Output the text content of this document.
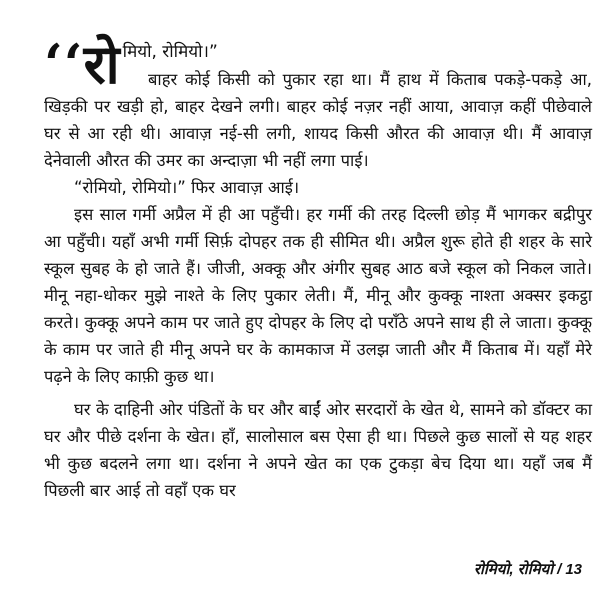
‘‘रो मियो, रोमियो।”

बाहर कोई किसी को पुकार रहा था। मैं हाथ में किताब पकड़े-पकड़े आ, खिड़की पर खड़ी हो, बाहर देखने लगी। बाहर कोई नज़र नहीं आया, आवाज़ कहीं पीछेवाले घर से आ रही थी। आवाज़ नई-सी लगी, शायद किसी औरत की आवाज़ थी। मैं आवाज़ देनेवाली औरत की उमर का अन्दाज़ा भी नहीं लगा पाई।

“रोमियो, रोमियो।” फिर आवाज़ आई।

इस साल गर्मी अप्रैल में ही आ पहुँची। हर गर्मी की तरह दिल्ली छोड़ मैं भागकर बद्रीपुर आ पहुँची। यहाँ अभी गर्मी सिर्फ़ दोपहर तक ही सीमित थी। अप्रैल शुरू होते ही शहर के सारे स्कूल सुबह के हो जाते हैं। जीजी, अक्कू और अंगीर सुबह आठ बजे स्कूल को निकल जाते। मीनू नहा-धोकर मुझे नाश्ते के लिए पुकार लेती। मैं, मीनू और कुक्कू नाश्ता अक्सर इकट्ठा करते। कुक्कू अपने काम पर जाते हुए दोपहर के लिए दो पराँठे अपने साथ ही ले जाता। कुक्कू के काम पर जाते ही मीनू अपने घर के कामकाज में उलझ जाती और मैं किताब में। यहाँ मेरे पढ़ने के लिए काफ़ी कुछ था।

घर के दाहिनी ओर पंडितों के घर और बाईं ओर सरदारों के खेत थे, सामने को डॉक्टर का घर और पीछे दर्शना के खेत। हाँ, सालोसाल बस ऐसा ही था। पिछले कुछ सालों से यह शहर भी कुछ बदलने लगा था। दर्शना ने अपने खेत का एक टुकड़ा बेच दिया था। यहाँ जब मैं पिछली बार आई तो वहाँ एक घर

रोमियो, रोमियो / 13
